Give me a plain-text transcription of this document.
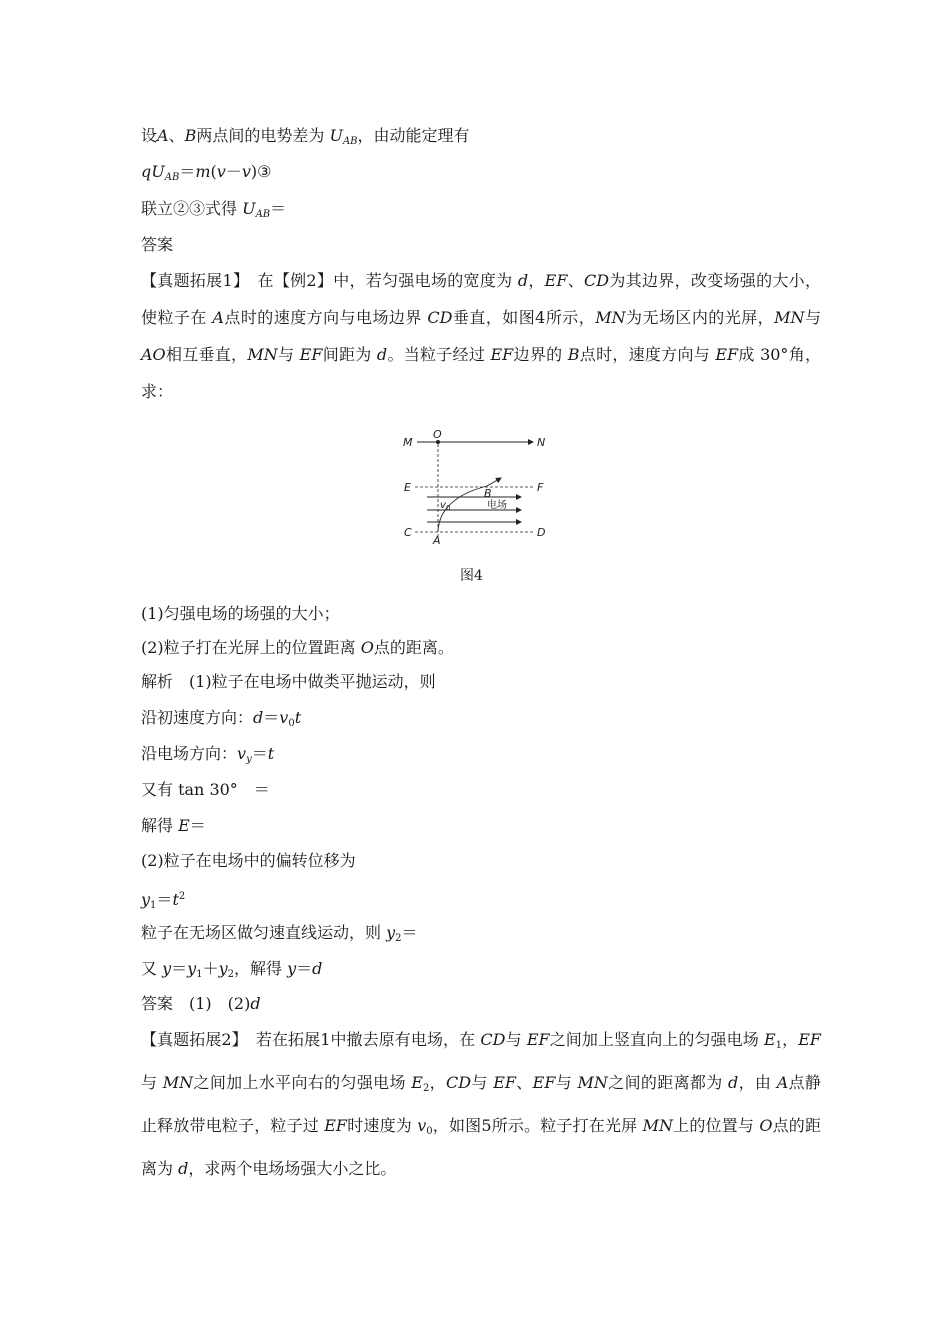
设A、B两点间的电势差为 $U_{AB}$，由动能定理有
$qU_{AB}=m(v-v)③$
联立②③式得 $U_{AB}=$
答案
【真题拓展1】　在【例2】中，若匀强电场的宽度为 d，EF、CD为其边界，改变场强的大小，使粒子在 A点时的速度方向与电场边界 CD垂直，如图4所示，MN为无场区内的光屏，MN与 AO相互垂直，MN与 EF间距为 d。当粒子经过 EF边界的 B点时，速度方向与 EF成 30°角，求：
M
O
N
E	F
B
v 0	电场
C	D
A
图4
(1)匀强电场的场强的大小；
(2)粒子打在光屏上的位置距离 O点的距离。
解析　(1)粒子在电场中做类平抛运动，则
沿初速度方向：$d=v_0t$
沿电场方向：$v_y=t$
又有 tan 30°　＝
解得 E＝
(2)粒子在电场中的偏转位移为
$y_1=t^2$
粒子在无场区做匀速直线运动，则 $y_2=$
又 $y=y_1+y_2$，解得 y＝d
答案　(1)　(2)d
【真题拓展2】　若在拓展1中撤去原有电场，在 CD与 EF之间加上竖直向上的匀强电场 $E_1$，EF与 MN之间加上水平向右的匀强电场 $E_2$，CD与 EF、EF与 MN之间的距离都为 d，由 A点静止释放带电粒子，粒子过 EF时速度为 $v_0$，如图5所示。粒子打在光屏 MN上的位置与 O点的距离为 d，求两个电场场强大小之比。
